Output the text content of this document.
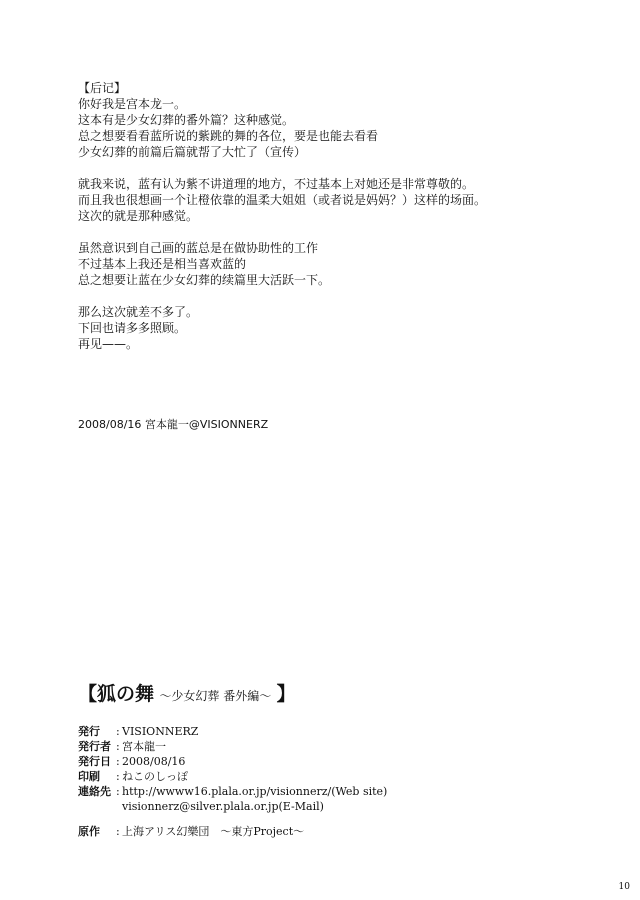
【后记】

你好我是宫本龙一。

这本有是少女幻葬的番外篇？这种感觉。

总之想要看看蓝所说的紫跳的舞的各位，要是也能去看看

少女幻葬的前篇后篇就帮了大忙了（宣传）

就我来说，蓝有认为紫不讲道理的地方，不过基本上对她还是非常尊敬的。

而且我也很想画一个让橙依靠的温柔大姐姐（或者说是妈妈？）这样的场面。

这次的就是那种感觉。

虽然意识到自己画的蓝总是在做协助性的工作

不过基本上我还是相当喜欢蓝的

总之想要让蓝在少女幻葬的续篇里大活跃一下。

那么这次就差不多了。

下回也请多多照顾。

再见——。

2008/08/16 宮本龍一@VISIONNERZ
【狐の舞 ～少女幻葬 番外編～ 】
発行	: VISIONNERZ
発行者 : 宮本龍一
発行日 : 2008/08/16
印刷	: ねこのしっぽ
連絡先 : http://wwww16.plala.or.jp/visionnerz/(Web site)
visionnerz@silver.plala.or.jp(E-Mail)
原作	: 上海アリス幻樂団　～東方Project～
10
